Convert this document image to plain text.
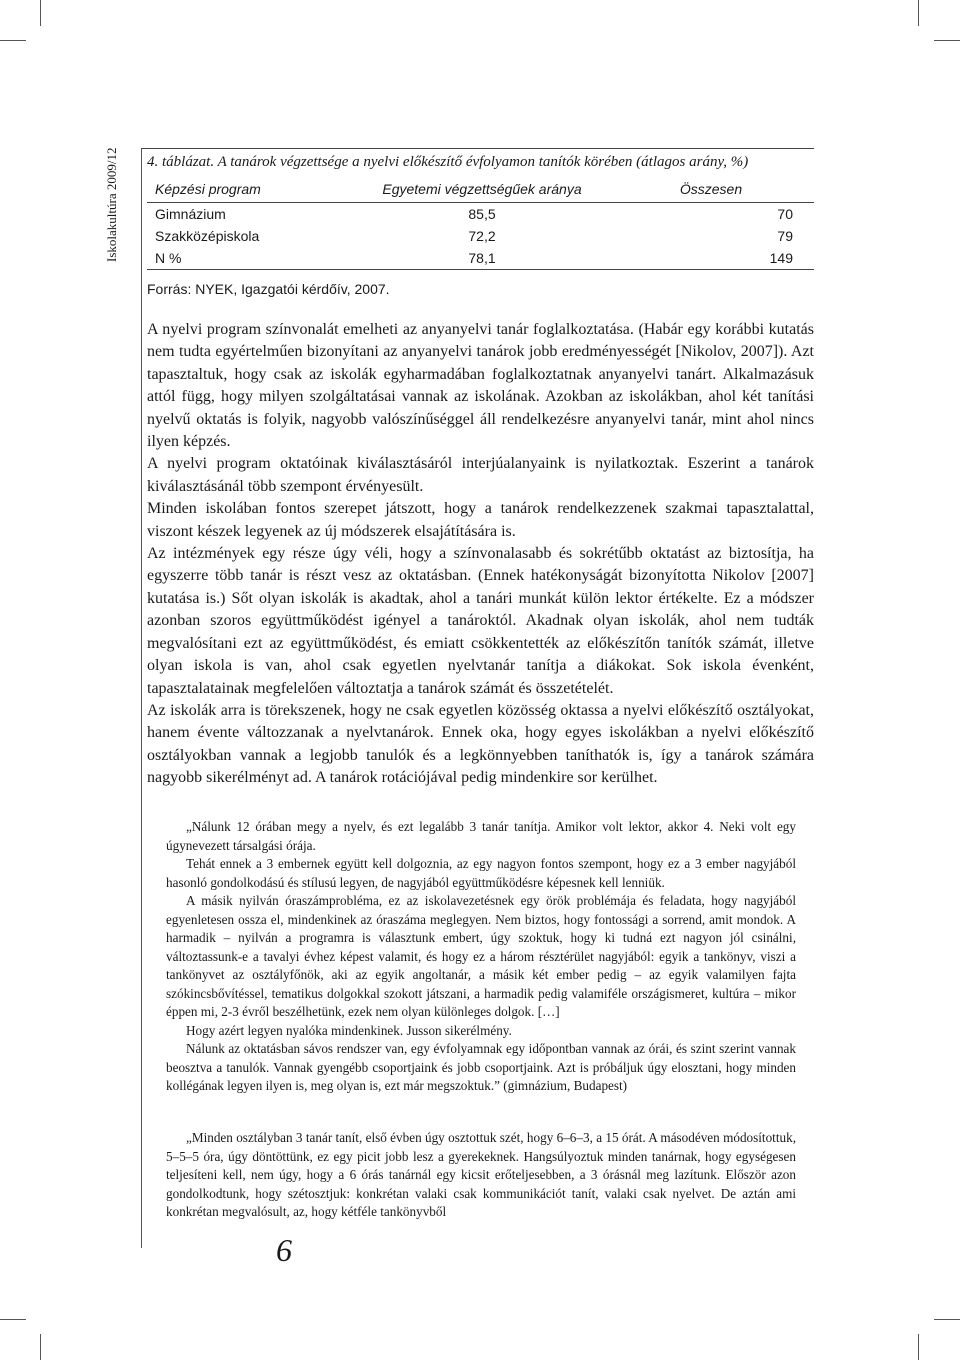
Iskolakultúra 2009/12 4. táblázat. A tanárok végzettsége a nyelvi előkészítő évfolyamon tanítók körében (átlagos arány, %)
Képzési program	Egyetemi végzettségűek aránya	Összesen
Gimnázium	85,5	70
Szakközépiskola	72,2	79
N %	78,1	149
Forrás: NYEK, Igazgatói kérdőív, 2007.

A nyelvi program színvonalát emelheti az anyanyelvi tanár foglalkoztatása. (Habár egy korábbi kutatás nem tudta egyértelműen bizonyítani az anyanyelvi tanárok jobb eredményességét [Nikolov, 2007]). Azt tapasztaltuk, hogy csak az iskolák egyharmadában foglalkoztatnak anyanyelvi tanárt. Alkalmazásuk attól függ, hogy milyen szolgáltatásai vannak az iskolának. Azokban az iskolákban, ahol két tanítási nyelvű oktatás is folyik, nagyobb valószínűséggel áll rendelkezésre anyanyelvi tanár, mint ahol nincs ilyen képzés.

A nyelvi program oktatóinak kiválasztásáról interjúalanyaink is nyilatkoztak. Eszerint a tanárok kiválasztásánál több szempont érvényesült.

Minden iskolában fontos szerepet játszott, hogy a tanárok rendelkezzenek szakmai tapasztalattal, viszont készek legyenek az új módszerek elsajátítására is.

Az intézmények egy része úgy véli, hogy a színvonalasabb és sokrétűbb oktatást az biztosítja, ha egyszerre több tanár is részt vesz az oktatásban. (Ennek hatékonyságát bizonyította Nikolov [2007] kutatása is.) Sőt olyan iskolák is akadtak, ahol a tanári munkát külön lektor értékelte. Ez a módszer azonban szoros együttműködést igényel a tanároktól. Akadnak olyan iskolák, ahol nem tudták megvalósítani ezt az együttműködést, és emiatt csökkentették az előkészítőn tanítók számát, illetve olyan iskola is van, ahol csak egyetlen nyelvtanár tanítja a diákokat. Sok iskola évenként, tapasztalatainak megfelelően változtatja a tanárok számát és összetételét.

Az iskolák arra is törekszenek, hogy ne csak egyetlen közösség oktassa a nyelvi előkészítő osztályokat, hanem évente változzanak a nyelvtanárok. Ennek oka, hogy egyes iskolákban a nyelvi előkészítő osztályokban vannak a legjobb tanulók és a legkönnyebben taníthatók is, így a tanárok számára nagyobb sikerélményt ad. A tanárok rotációjával pedig mindenkire sor kerülhet.

„Nálunk 12 órában megy a nyelv, és ezt legalább 3 tanár tanítja. Amikor volt lektor, akkor 4. Neki volt egy úgynevezett társalgási órája.

Tehát ennek a 3 embernek együtt kell dolgoznia, az egy nagyon fontos szempont, hogy ez a 3 ember nagyjából hasonló gondolkodású és stílusú legyen, de nagyjából együttműködésre képesnek kell lenniük.

A másik nyilván óraszámprobléma, ez az iskolavezetésnek egy örök problémája és feladata, hogy nagyjából egyenletesen ossza el, mindenkinek az óraszáma meglegyen. Nem biztos, hogy fontossági a sorrend, amit mondok. A harmadik – nyilván a programra is választunk embert, úgy szoktuk, hogy ki tudná ezt nagyon jól csinálni, változtassunk-e a tavalyi évhez képest valamit, és hogy ez a három résztérület nagyjából: egyik a tankönyv, viszi a tankönyvet az osztályfőnök, aki az egyik angoltanár, a másik két ember pedig – az egyik valamilyen fajta szókincsbővítéssel, tematikus dolgokkal szokott játszani, a harmadik pedig valamiféle országismeret, kultúra – mikor éppen mi, 2-3 évről beszélhetünk, ezek nem olyan különleges dolgok. […]

Hogy azért legyen nyalóka mindenkinek. Jusson sikerélmény.

Nálunk az oktatásban sávos rendszer van, egy évfolyamnak egy időpontban vannak az órái, és szint szerint vannak beosztva a tanulók. Vannak gyengébb csoportjaink és jobb csoportjaink. Azt is próbáljuk úgy elosztani, hogy minden kollégának legyen ilyen is, meg olyan is, ezt már megszoktuk.” (gimnázium, Budapest)

„Minden osztályban 3 tanár tanít, első évben úgy osztottuk szét, hogy 6–6–3, a 15 órát. A másodéven módosítottuk, 5–5–5 óra, úgy döntöttünk, ez egy picit jobb lesz a gyerekeknek. Hangsúlyoztuk minden tanárnak, hogy egységesen teljesíteni kell, nem úgy, hogy a 6 órás tanárnál egy kicsit erőteljesebben, a 3 órásnál meg lazítunk. Először azon gondolkodtunk, hogy szétosztjuk: konkrétan valaki csak kommunikációt tanít, valaki csak nyelvet. De aztán ami konkrétan megvalósult, az, hogy kétféle tankönyvből

6
